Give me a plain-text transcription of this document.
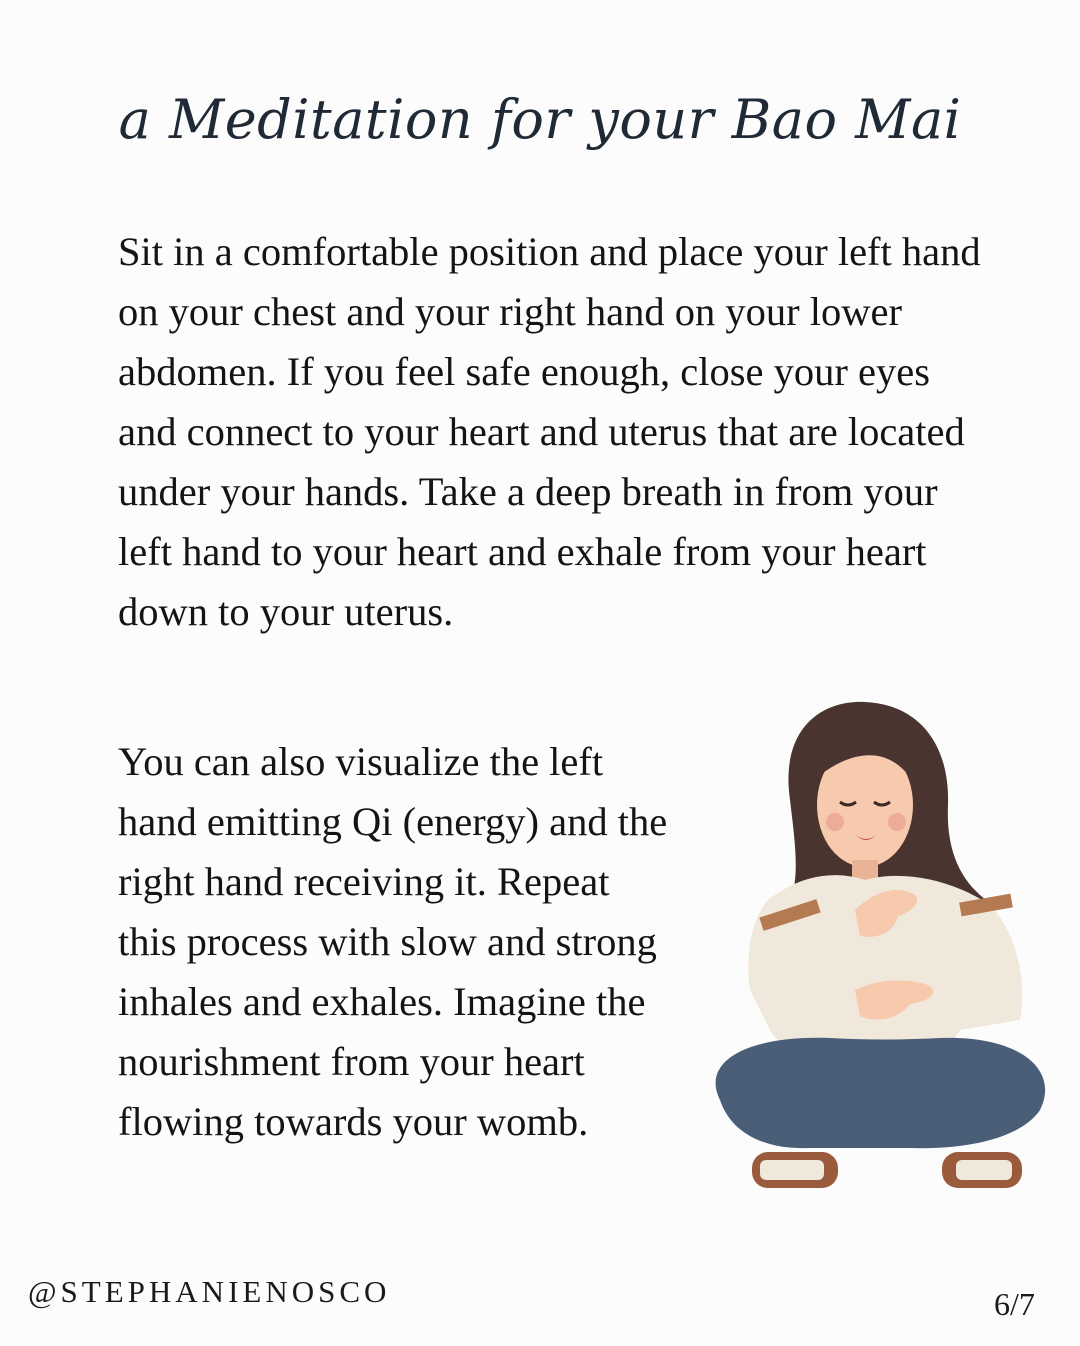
a Meditation for your Bao Mai
Sit in a comfortable position and place your left hand on your chest and your right hand on your lower abdomen. If you feel safe enough, close your eyes and connect to your heart and uterus that are located under your hands. Take a deep breath in from your left hand to your heart and exhale from your heart down to your uterus.
You can also visualize the left hand emitting Qi (energy) and the right hand receiving it. Repeat this process with slow and strong inhales and exhales. Imagine the nourishment from your heart flowing towards your womb.
@STEPHANIENOSCO	6/7
